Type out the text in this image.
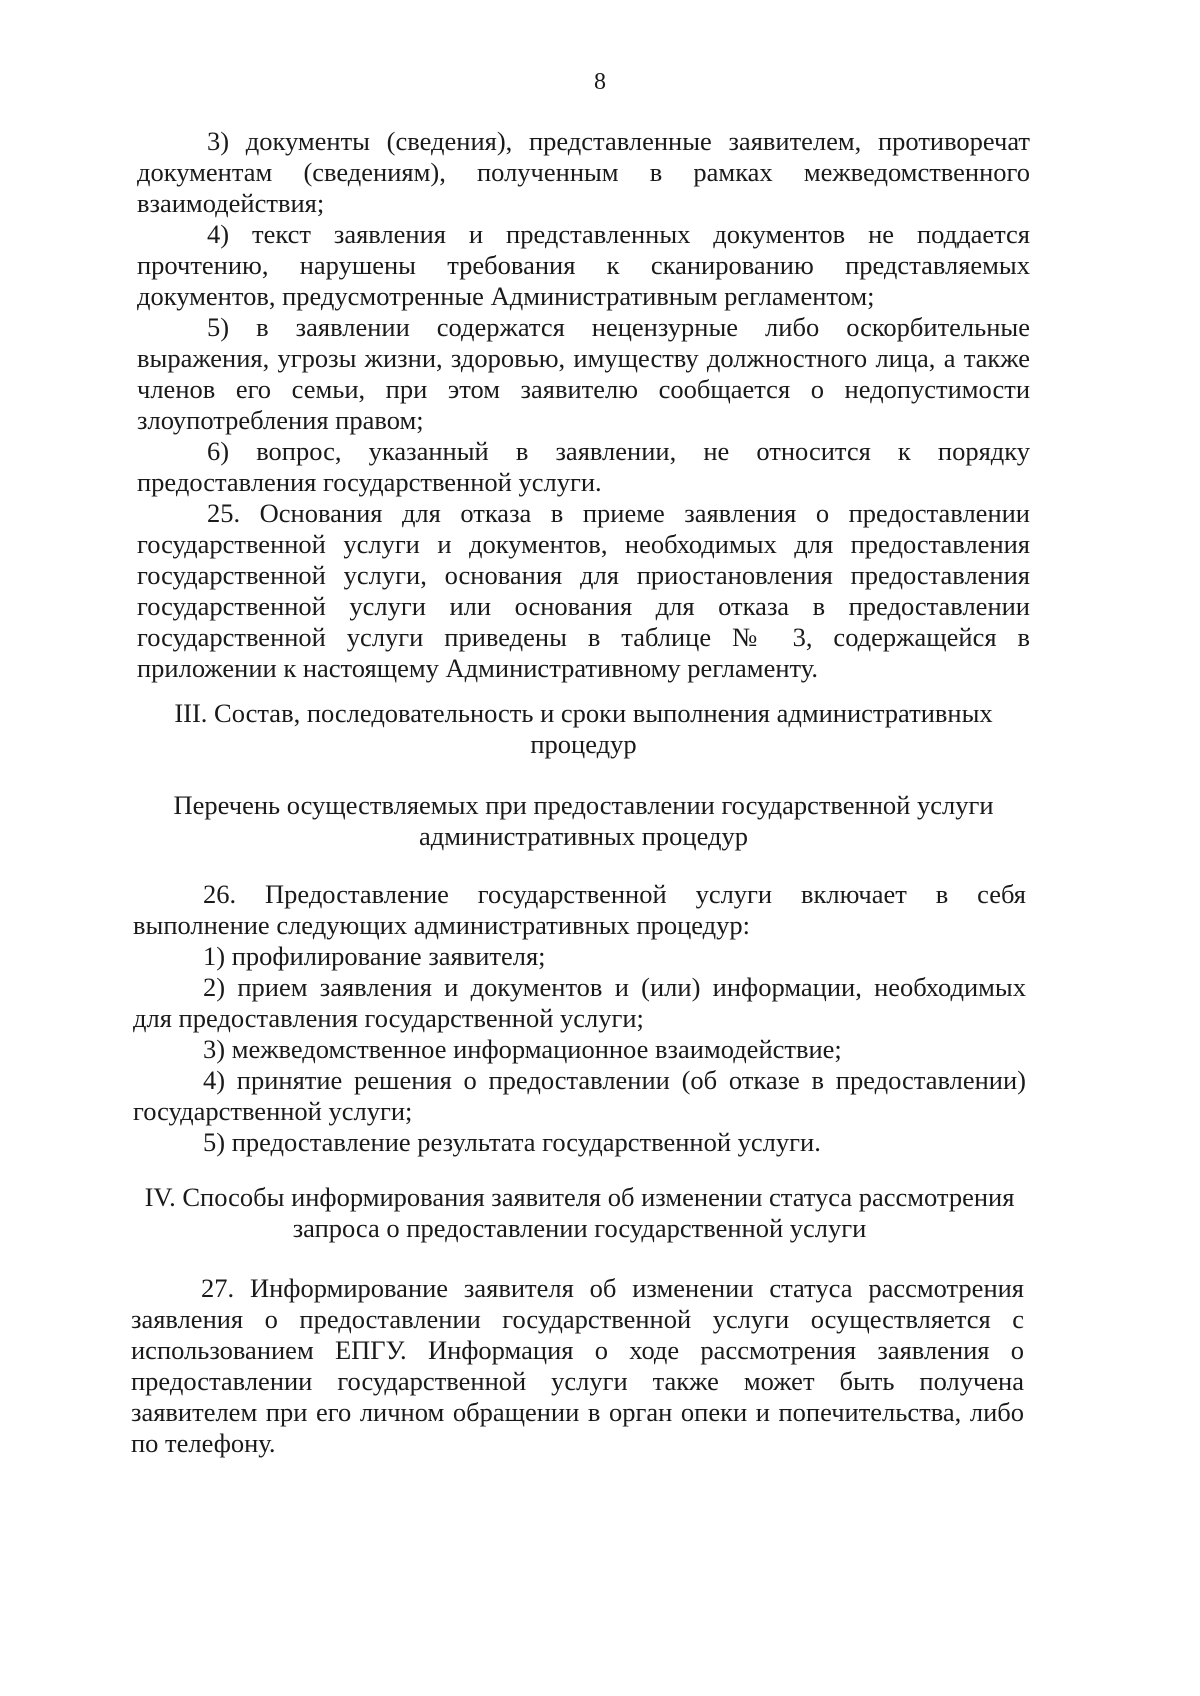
8

3) документы (сведения), представленные заявителем, противоречат документам (сведениям), полученным в рамках межведомственного взаимодействия;

4) текст заявления и представленных документов не поддается прочтению, нарушены требования к сканированию представляемых документов, предусмотренные Административным регламентом;

5) в заявлении содержатся нецензурные либо оскорбительные выражения, угрозы жизни, здоровью, имуществу должностного лица, а также членов его семьи, при этом заявителю сообщается о недопустимости злоупотребления правом;

6) вопрос, указанный в заявлении, не относится к порядку предоставления государственной услуги.

25. Основания для отказа в приеме заявления о предоставлении государственной услуги и документов, необходимых для предоставления государственной услуги, основания для приостановления предоставления государственной услуги или основания для отказа в предоставлении государственной услуги приведены в таблице № 3, содержащейся в приложении к настоящему Административному регламенту.

III. Состав, последовательность и сроки выполнения административных
процедур
Перечень осуществляемых при предоставлении государственной услуги
административных процедур

26. Предоставление государственной услуги включает в себя выполнение следующих административных процедур:

1) профилирование заявителя;

2) прием заявления и документов и (или) информации, необходимых для предоставления государственной услуги;

3) межведомственное информационное взаимодействие;

4) принятие решения о предоставлении (об отказе в предоставлении) государственной услуги;

5) предоставление результата государственной услуги.

IV. Способы информирования заявителя об изменении статуса рассмотрения
запроса о предоставлении государственной услуги

27. Информирование заявителя об изменении статуса рассмотрения заявления о предоставлении государственной услуги осуществляется с использованием ЕПГУ. Информация о ходе рассмотрения заявления о предоставлении государственной услуги также может быть получена заявителем при его личном обращении в орган опеки и попечительства, либо по телефону.
